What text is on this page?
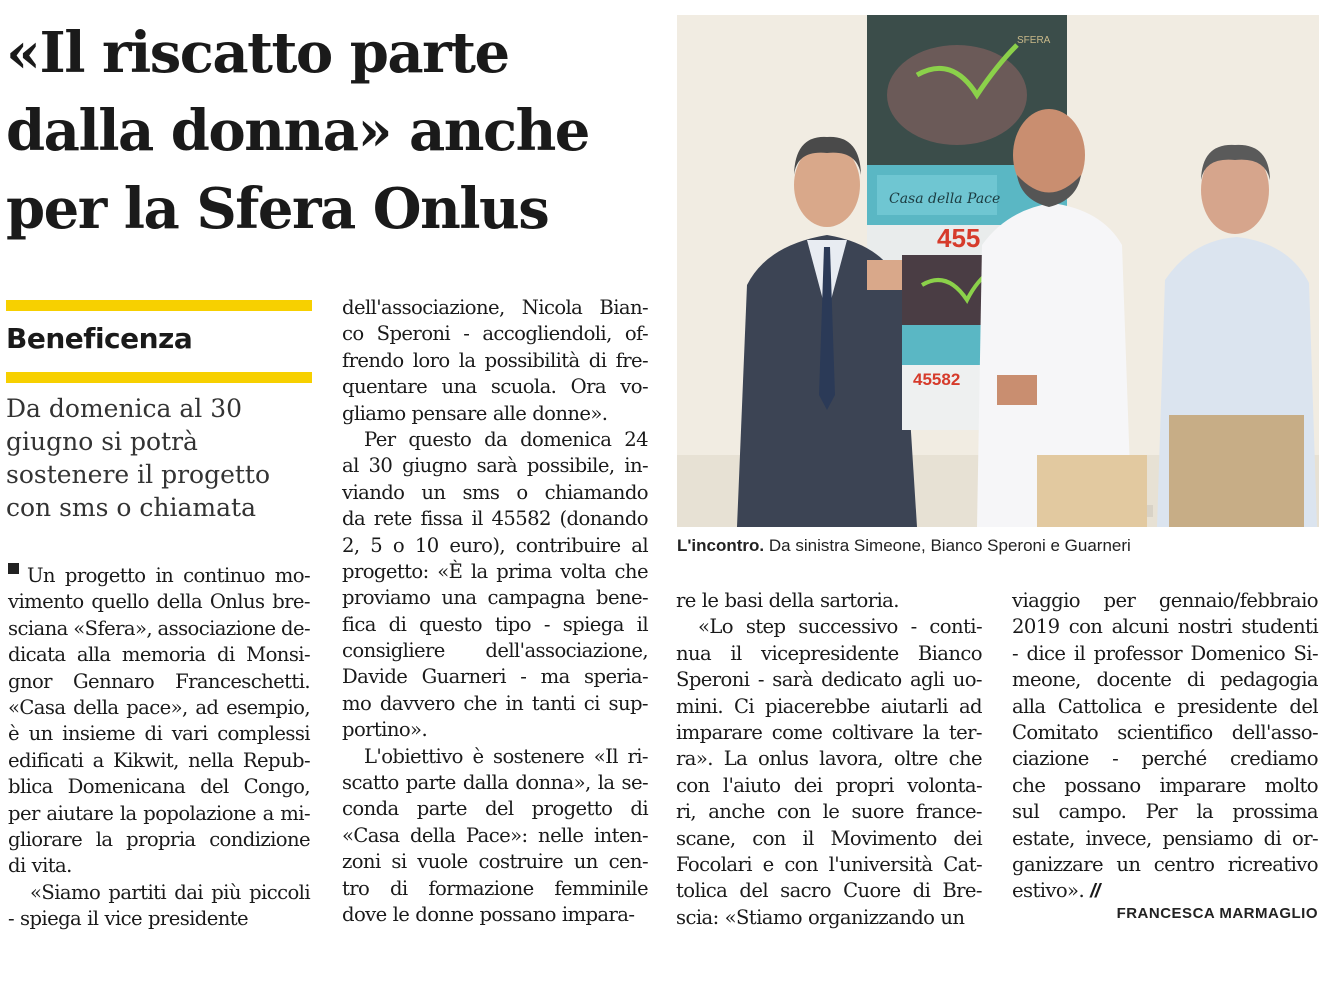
«Il riscatto parte
dalla donna» anche
per la Sfera Onlus
Beneficenza
Da domenica al 30
giugno si potrà
sostenere il progetto
con sms o chiamata
Un progetto in continuo mo-
vimento quello della Onlus bre-
sciana «Sfera», associazione de-
dicata alla memoria di Monsi-
gnor Gennaro Franceschetti.
«Casa della pace», ad esempio,
è un insieme di vari complessi
edificati a Kikwit, nella Repub-
blica Domenicana del Congo,
per aiutare la popolazione a mi-
gliorare la propria condizione
di vita.
«Siamo partiti dai più piccoli
- spiega il vice presidente
dell'associazione, Nicola Bian-
co Speroni - accogliendoli, of-
frendo loro la possibilità di fre-
quentare una scuola. Ora vo-
gliamo pensare alle donne».
Per questo da domenica 24
al 30 giugno sarà possibile, in-
viando un sms o chiamando
da rete fissa il 45582 (donando
2, 5 o 10 euro), contribuire al
progetto: «È la prima volta che
proviamo una campagna bene-
fica di questo tipo - spiega il
consigliere dell'associazione,
Davide Guarneri - ma speria-
mo davvero che in tanti ci sup-
portino».
L'obiettivo è sostenere «Il ri-
scatto parte dalla donna», la se-
conda parte del progetto di
«Casa della Pace»: nelle inten-
zoni si vuole costruire un cen-
tro di formazione femminile
dove le donne possano impara-
re le basi della sartoria.
«Lo step successivo - conti-
nua il vicepresidente Bianco
Speroni - sarà dedicato agli uo-
mini. Ci piacerebbe aiutarli ad
imparare come coltivare la ter-
ra». La onlus lavora, oltre che
con l'aiuto dei propri volonta-
ri, anche con le suore france-
scane, con il Movimento dei
Focolari e con l'università Cat-
tolica del sacro Cuore di Bre-
scia: «Stiamo organizzando un
viaggio per gennaio/febbraio
2019 con alcuni nostri studenti
- dice il professor Domenico Si-
meone, docente di pedagogia
alla Cattolica e presidente del
Comitato scientifico dell'asso-
ciazione - perché crediamo
che possano imparare molto
sul campo. Per la prossima
estate, invece, pensiamo di or-
ganizzare un centro ricreativo
estivo». //
Casa della Pace
SFERA
455
45582
L'incontro. Da sinistra Simeone, Bianco Speroni e Guarneri
FRANCESCA MARMAGLIO
